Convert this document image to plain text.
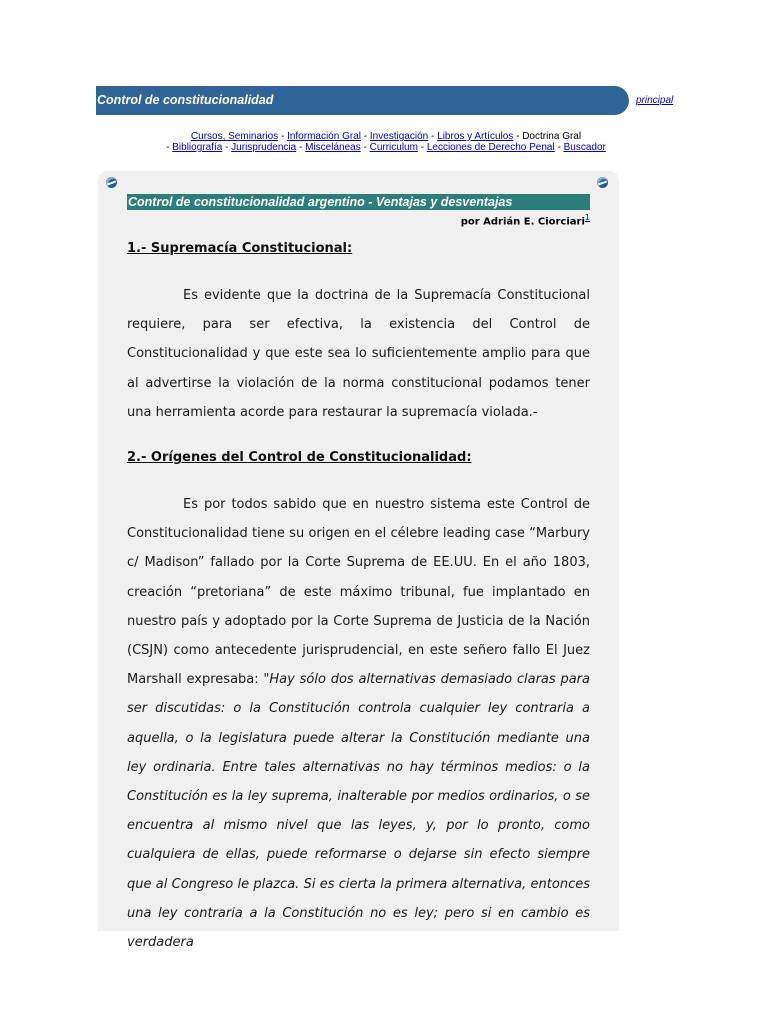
Control de constitucionalidad	principal
Cursos, Seminarios - Información Gral - Investigación - Libros y Artículos - Doctrina Gral
- Bibliografía - Jurisprudencia - Misceláneas - Curriculum - Lecciones de Derecho Penal - Buscador
Control de constitucionalidad argentino - Ventajas y desventajas
por Adrián E. Ciorciari$^1$
1.- Supremacía Constitucional:
Es evidente que la doctrina de la Supremacía Constitucional requiere, para ser efectiva, la existencia del Control de Constitucionalidad y que este sea lo suficientemente amplio para que al advertirse la violación de la norma constitucional podamos tener una herramienta acorde para restaurar la supremacía violada.-
2.- Orígenes del Control de Constitucionalidad:
Es por todos sabido que en nuestro sistema este Control de Constitucionalidad tiene su origen en el célebre leading case “Marbury c/ Madison” fallado por la Corte Suprema de EE.UU. En el año 1803, creación “pretoriana” de este máximo tribunal, fue implantado en nuestro país y adoptado por la Corte Suprema de Justicia de la Nación (CSJN) como antecedente jurisprudencial, en este señero fallo El Juez Marshall expresaba: "Hay sólo dos alternativas demasiado claras para ser discutidas: o la Constitución controla cualquier ley contraria a aquella, o la legislatura puede alterar la Constitución mediante una ley ordinaria. Entre tales alternativas no hay términos medios: o la Constitución es la ley suprema, inalterable por medios ordinarios, o se encuentra al mismo nivel que las leyes, y, por lo pronto, como cualquiera de ellas, puede reformarse o dejarse sin efecto siempre que al Congreso le plazca. Si es cierta la primera alternativa, entonces una ley contraria a la Constitución no es ley; pero si en cambio es verdadera
